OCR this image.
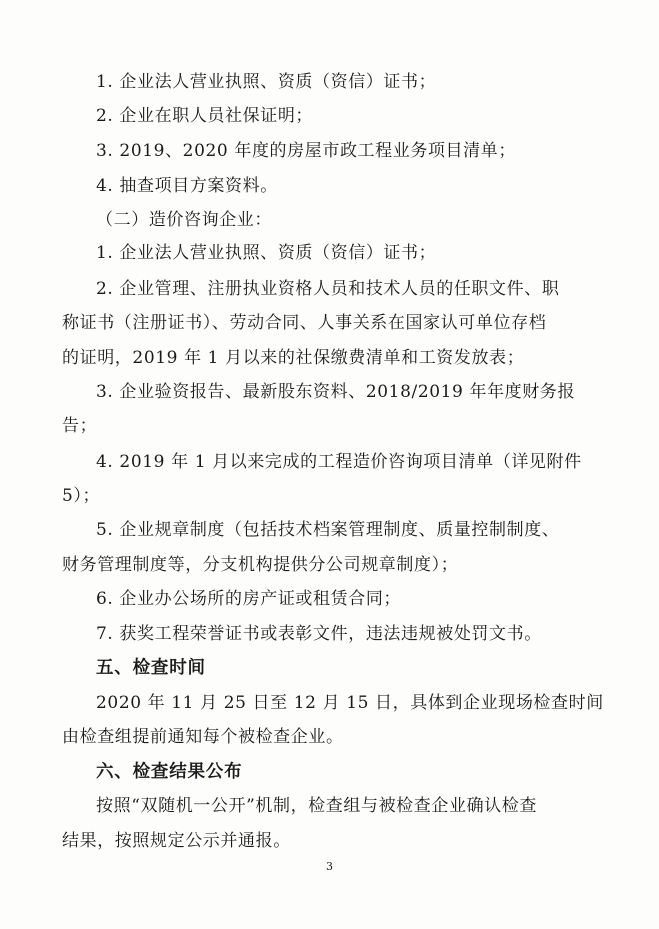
1. 企业法人营业执照、资质（资信）证书；
2. 企业在职人员社保证明；
3. 2019、2020 年度的房屋市政工程业务项目清单；
4. 抽查项目方案资料。
（二）造价咨询企业：
1. 企业法人营业执照、资质（资信）证书；
2. 企业管理、注册执业资格人员和技术人员的任职文件、职
称证书（注册证书）、劳动合同、人事关系在国家认可单位存档
的证明，2019 年 1 月以来的社保缴费清单和工资发放表；
3. 企业验资报告、最新股东资料、2018/2019 年年度财务报
告；
4. 2019 年 1 月以来完成的工程造价咨询项目清单（详见附件
5）；
5. 企业规章制度（包括技术档案管理制度、质量控制制度、
财务管理制度等，分支机构提供分公司规章制度）；
6. 企业办公场所的房产证或租赁合同；
7. 获奖工程荣誉证书或表彰文件，违法违规被处罚文书。
五、检查时间
2020 年 11 月 25 日至 12 月 15 日，具体到企业现场检查时间
由检查组提前通知每个被检查企业。
六、检查结果公布
按照“双随机一公开”机制，检查组与被检查企业确认检查
结果，按照规定公示并通报。
3
